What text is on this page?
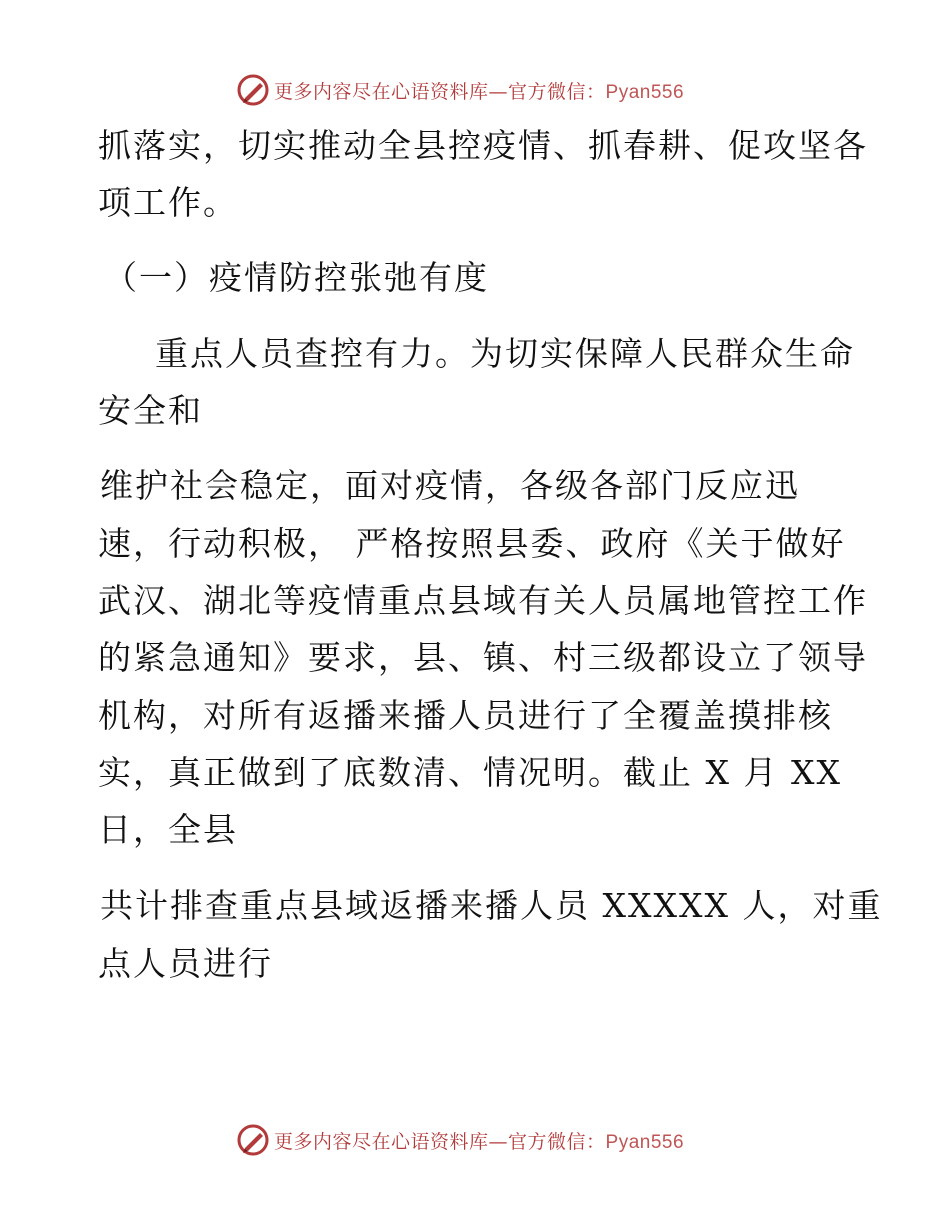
更多内容尽在心语资料库—官方微信：Pyan556
抓落实，切实推动全县控疫情、抓春耕、促攻坚各
项工作。
（一）疫情防控张弛有度
　重点人员查控有力。为切实保障人民群众生命
安全和
维护社会稳定，面对疫情，各级各部门反应迅
速，行动积极， 严格按照县委、政府《关于做好
武汉、湖北等疫情重点县域有关人员属地管控工作
的紧急通知》要求，县、镇、村三级都设立了领导
机构，对所有返播来播人员进行了全覆盖摸排核
实，真正做到了底数清、情况明。截止 X 月 XX
日，全县
共计排查重点县域返播来播人员 XXXXX 人，对重
点人员进行
更多内容尽在心语资料库—官方微信：Pyan556
